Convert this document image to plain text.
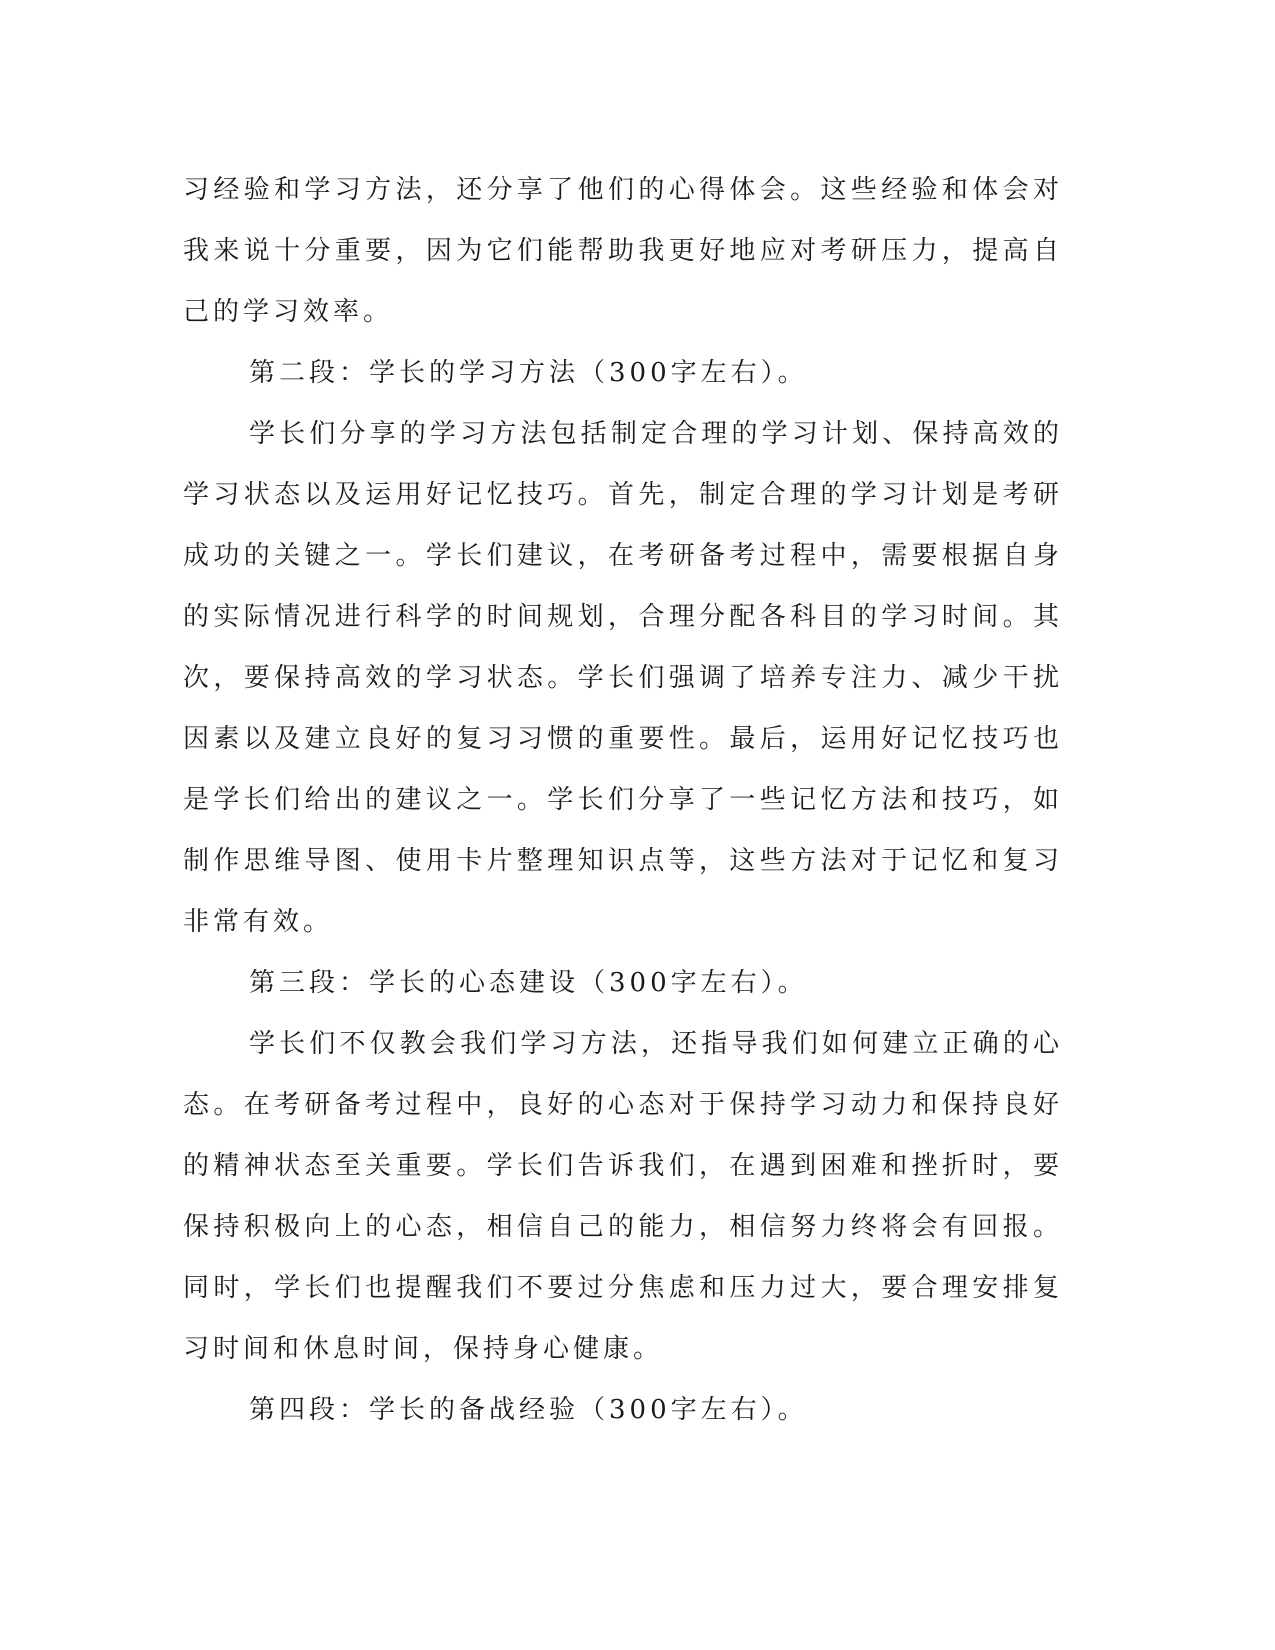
习经验和学习方法，还分享了他们的心得体会。这些经验和体会对我来说十分重要，因为它们能帮助我更好地应对考研压力，提高自己的学习效率。

第二段：学长的学习方法（300字左右）。

学长们分享的学习方法包括制定合理的学习计划、保持高效的学习状态以及运用好记忆技巧。首先，制定合理的学习计划是考研成功的关键之一。学长们建议，在考研备考过程中，需要根据自身的实际情况进行科学的时间规划，合理分配各科目的学习时间。其次，要保持高效的学习状态。学长们强调了培养专注力、减少干扰因素以及建立良好的复习习惯的重要性。最后，运用好记忆技巧也是学长们给出的建议之一。学长们分享了一些记忆方法和技巧，如制作思维导图、使用卡片整理知识点等，这些方法对于记忆和复习非常有效。

第三段：学长的心态建设（300字左右）。

学长们不仅教会我们学习方法，还指导我们如何建立正确的心态。在考研备考过程中，良好的心态对于保持学习动力和保持良好的精神状态至关重要。学长们告诉我们，在遇到困难和挫折时，要保持积极向上的心态，相信自己的能力，相信努力终将会有回报。同时，学长们也提醒我们不要过分焦虑和压力过大，要合理安排复习时间和休息时间，保持身心健康。

第四段：学长的备战经验（300字左右）。
